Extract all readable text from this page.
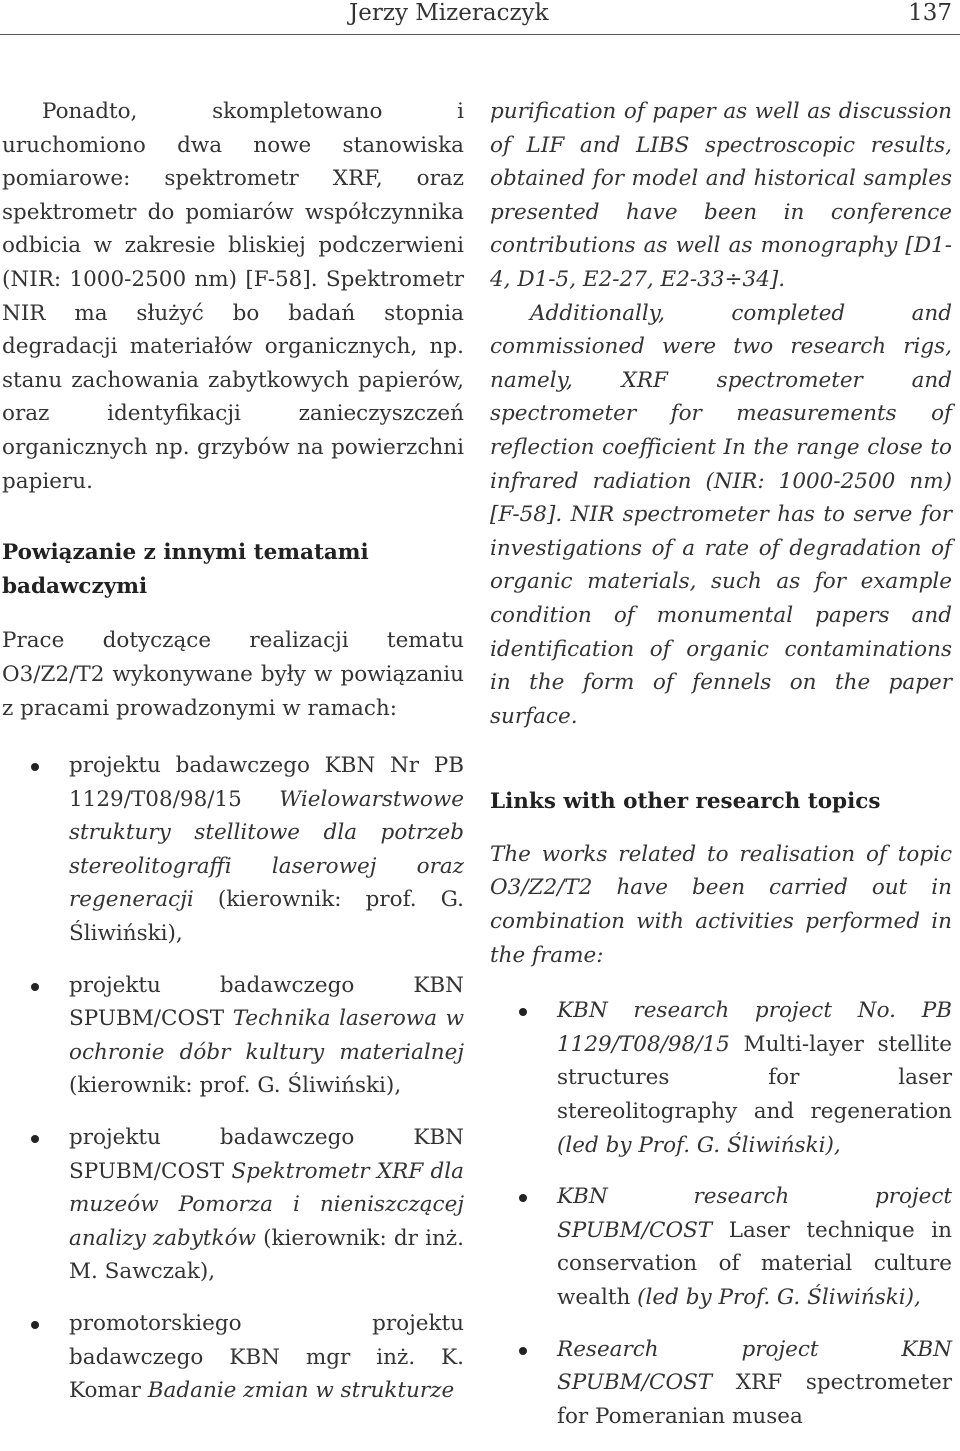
Jerzy Mizeraczyk	137

Ponadto, skompletowano i uruchomiono dwa nowe stanowiska pomiarowe: spektrometr XRF, oraz spektrometr do pomiarów współczynnika odbicia w zakresie bliskiej podczerwieni (NIR: 1000-2500 nm) [F-58]. Spektrometr NIR ma służyć bo badań stopnia degradacji materiałów organicznych, np. stanu zachowania zabytkowych papierów, oraz identyfikacji zanieczyszczeń organicznych np. grzybów na powierzchni papieru.

Powiązanie z innymi tematami badawczymi

Prace dotyczące realizacji tematu O3/Z2/T2 wykonywane były w powiązaniu z pracami prowadzonymi w ramach:

projektu badawczego KBN Nr PB 1129/T08/98/15 Wielowarstwowe struktury stellitowe dla potrzeb stereolitograffi laserowej oraz regeneracji (kierownik: prof. G. Śliwiński),
projektu badawczego KBN SPUBM/COST Technika laserowa w ochronie dóbr kultury materialnej (kierownik: prof. G. Śliwiński),
projektu badawczego KBN SPUBM/COST Spektrometr XRF dla muzeów Pomorza i nieniszczącej analizy zabytków (kierownik: dr inż. M. Sawczak),
promotorskiego projektu badawczego KBN mgr inż. K. Komar Badanie zmian w strukturze

purification of paper as well as discussion of LIF and LIBS spectroscopic results, obtained for model and historical samples presented have been in conference contributions as well as monography [D1-4, D1-5, E2-27, E2-33÷34].

Additionally, completed and commissioned were two research rigs, namely, XRF spectrometer and spectrometer for measurements of reflection coefficient In the range close to infrared radiation (NIR: 1000-2500 nm) [F-58]. NIR spectrometer has to serve for investigations of a rate of degradation of organic materials, such as for example condition of monumental papers and identification of organic contaminations in the form of fennels on the paper surface.

Links with other research topics

The works related to realisation of topic O3/Z2/T2 have been carried out in combination with activities performed in the frame:

KBN research project No. PB 1129/T08/98/15 Multi-layer stellite structures for laser stereolitography and regeneration (led by Prof. G. Śliwiński),
KBN research project SPUBM/COST Laser technique in conservation of material culture wealth (led by Prof. G. Śliwiński),
Research project KBN SPUBM/COST XRF spectrometer for Pomeranian musea
